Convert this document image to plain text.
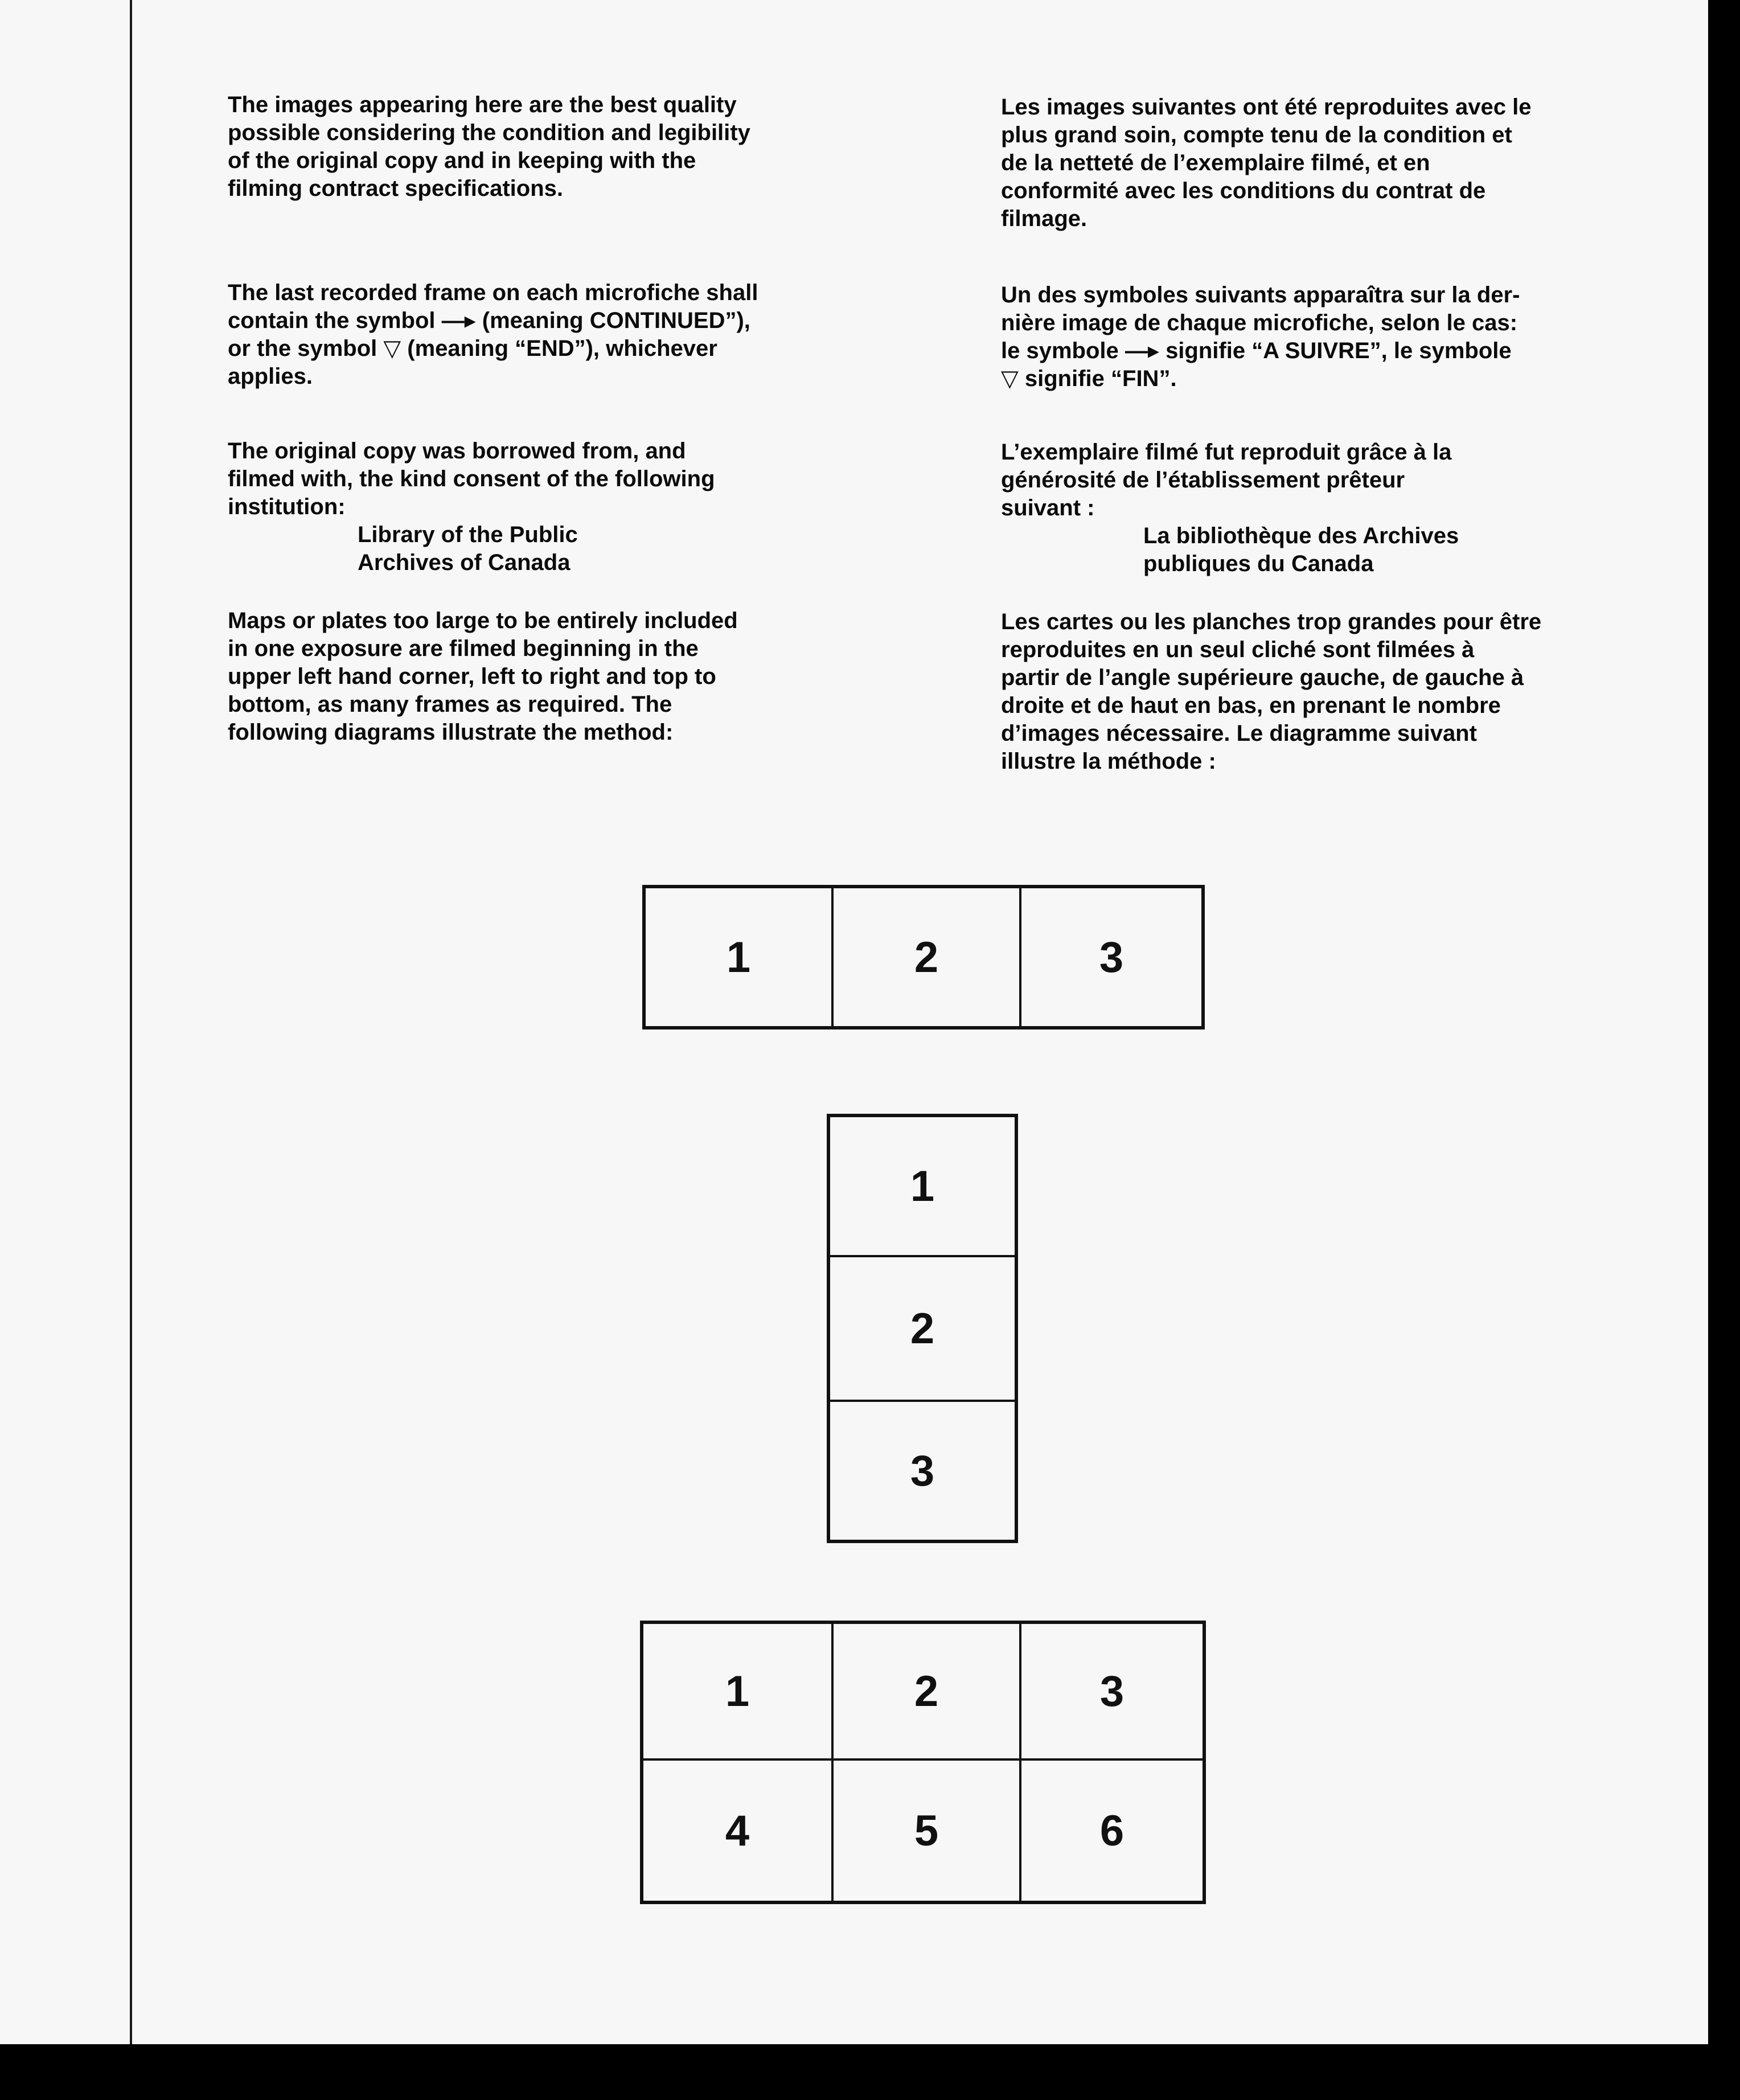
The images appearing here are the best quality
possible considering the condition and legibility
of the original copy and in keeping with the
filming contract specifications.

The last recorded frame on each microfiche shall
contain the symbol —▸ (meaning CONTINUED”),
or the symbol ▽ (meaning “END”), whichever
applies.

The original copy was borrowed from, and
filmed with, the kind consent of the following
institution:

Library of the Public
Archives of Canada

Maps or plates too large to be entirely included
in one exposure are filmed beginning in the
upper left hand corner, left to right and top to
bottom, as many frames as required. The
following diagrams illustrate the method:

Les images suivantes ont été reproduites avec le
plus grand soin, compte tenu de la condition et
de la netteté de l’exemplaire filmé, et en
conformité avec les conditions du contrat de
filmage.

Un des symboles suivants apparaîtra sur la der-
nière image de chaque microfiche, selon le cas:
le symbole —▸ signifie “A SUIVRE”, le symbole
▽ signifie “FIN”.

L’exemplaire filmé fut reproduit grâce à la
générosité de l’établissement prêteur
suivant :

La bibliothèque des Archives
publiques du Canada

Les cartes ou les planches trop grandes pour être
reproduites en un seul cliché sont filmées à
partir de l’angle supérieure gauche, de gauche à
droite et de haut en bas, en prenant le nombre
d’images nécessaire. Le diagramme suivant
illustre la méthode :

1	2	3
1
2
3
1	2	3
4	5	6
